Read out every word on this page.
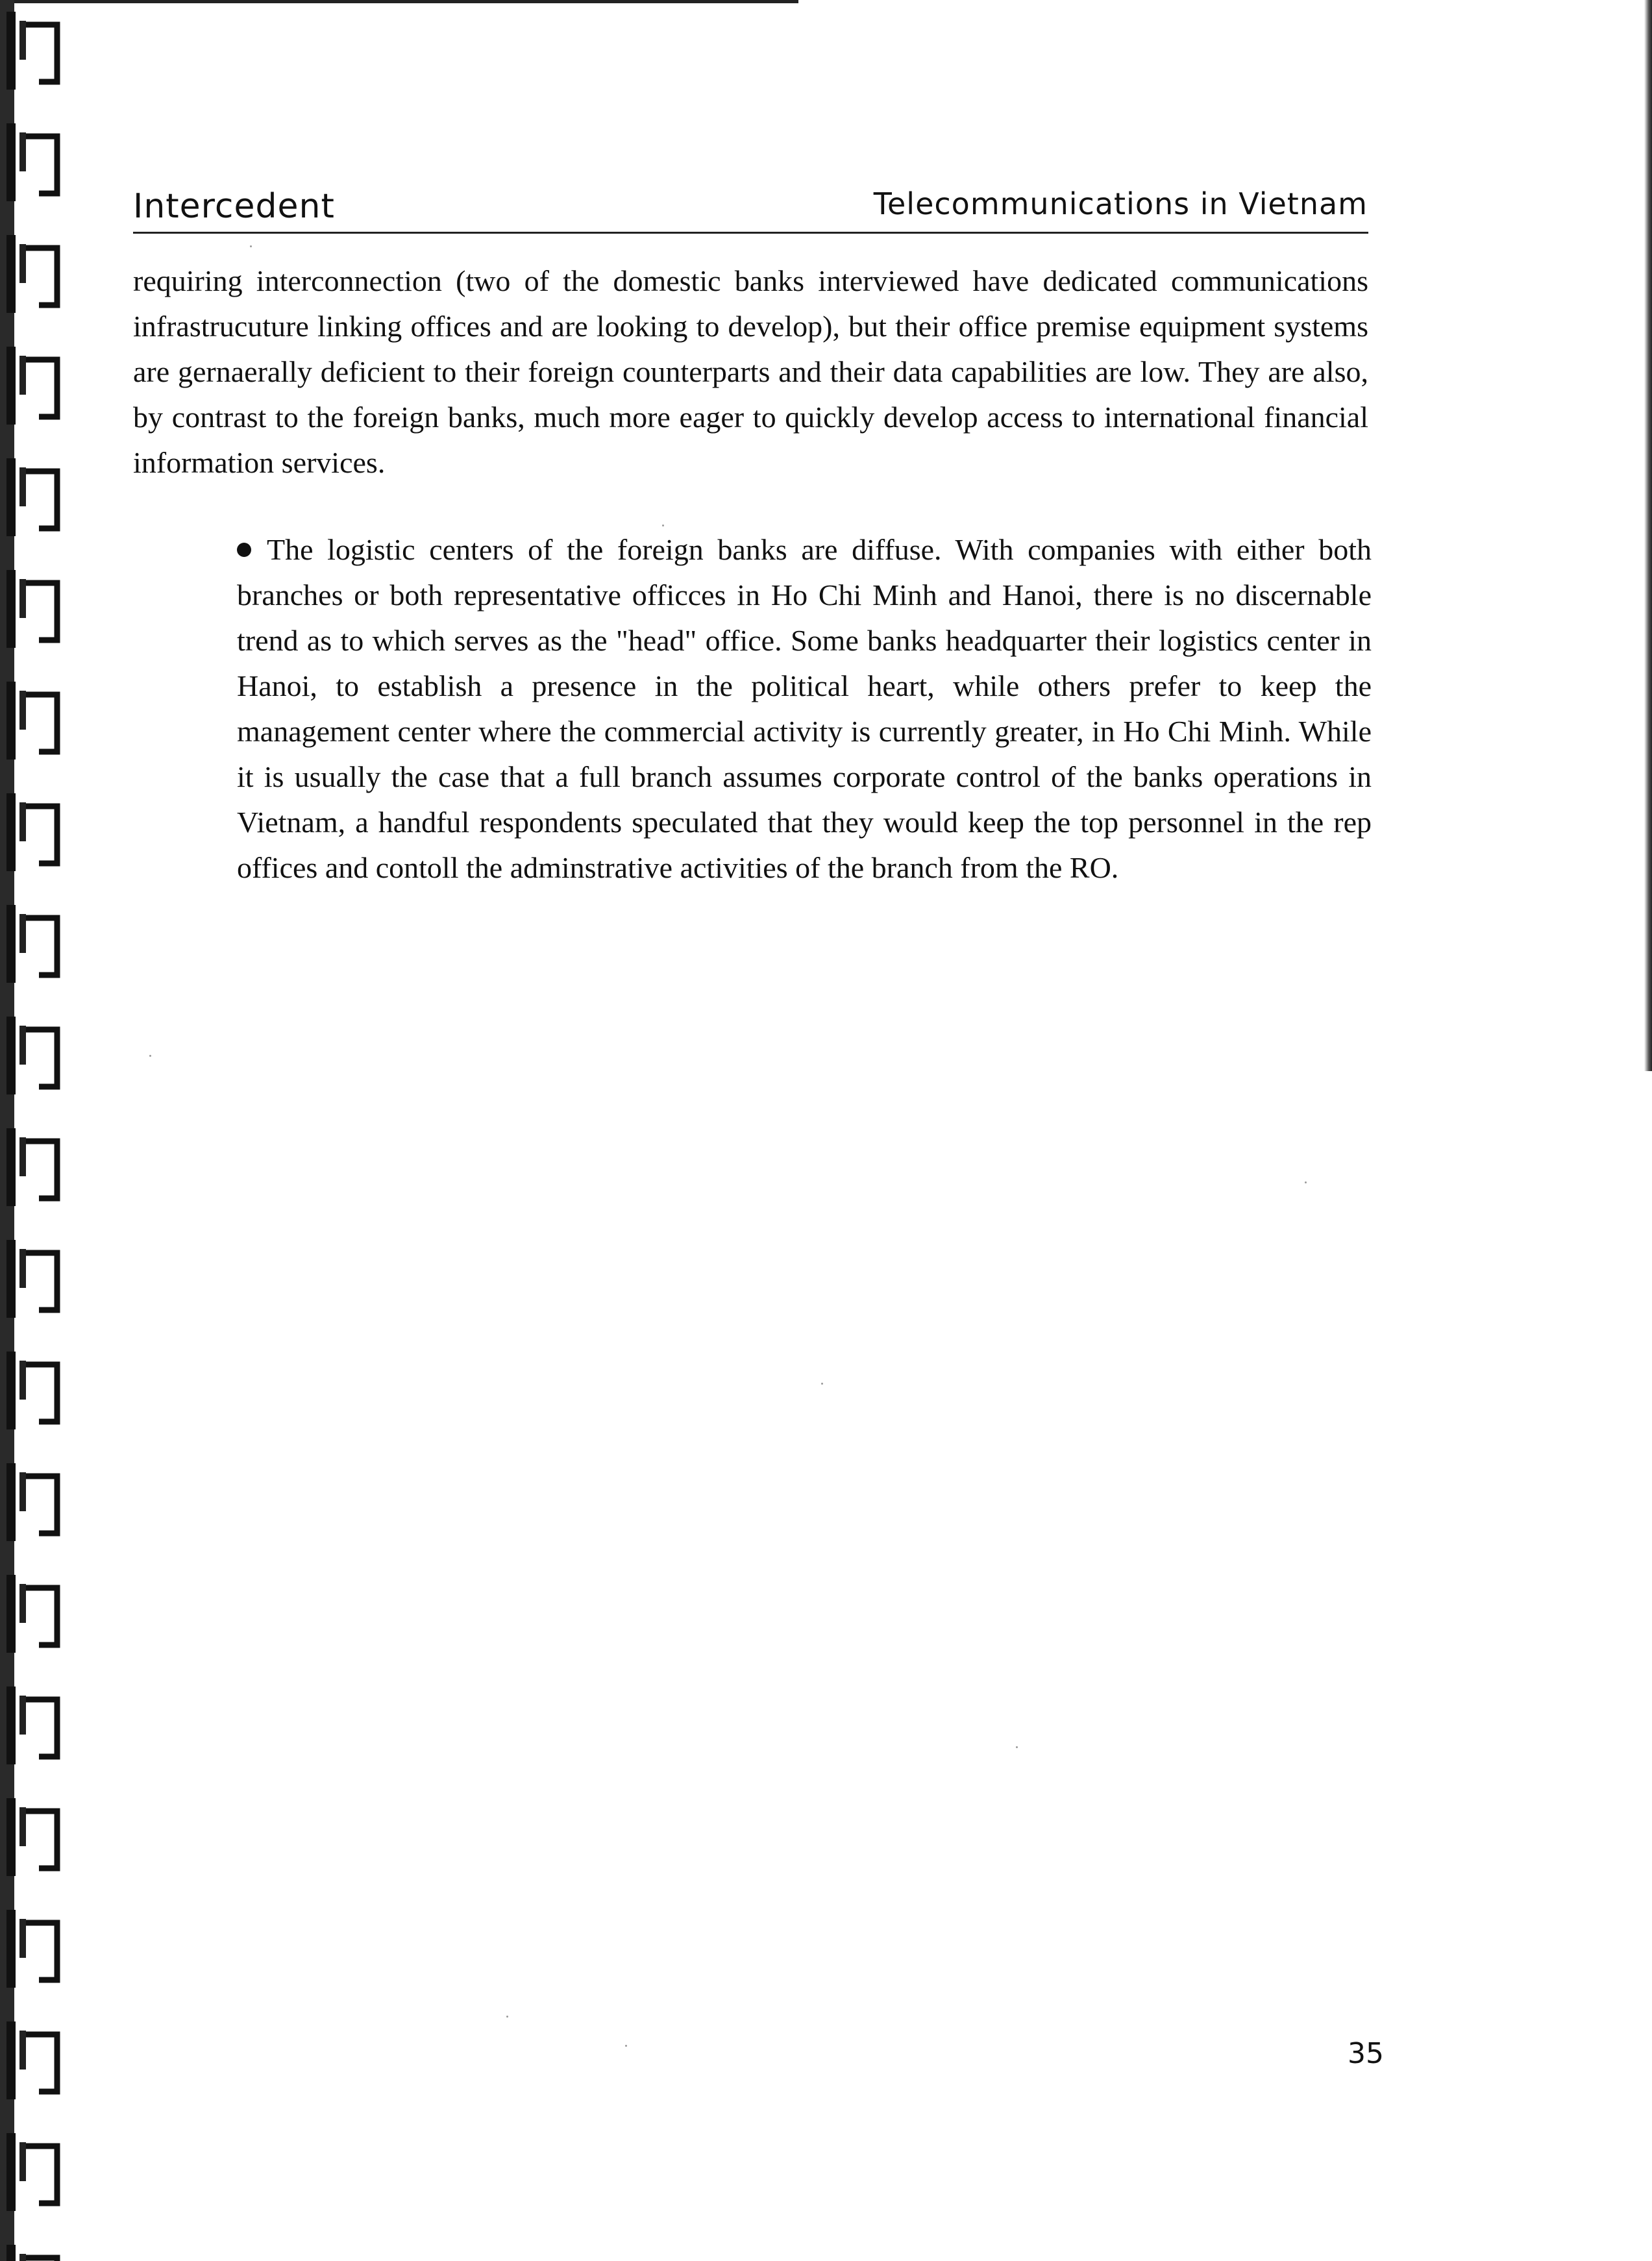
Intercedent	Telecommunications in Vietnam

requiring interconnection (two of the domestic banks interviewed have dedicated communications infrastrucuture linking offices and are looking to develop), but their office premise equipment systems are gernaerally deficient to their foreign counterparts and their data capabilities are low. They are also, by contrast to the foreign banks, much more eager to quickly develop access to international financial information services.

The logistic centers of the foreign banks are diffuse. With companies with either both branches or both representative officces in Ho Chi Minh and Hanoi, there is no discernable trend as to which serves as the "head" office. Some banks headquarter their logistics center in Hanoi, to establish a presence in the political heart, while others prefer to keep the management center where the commercial activity is currently greater, in Ho Chi Minh. While it is usually the case that a full branch assumes corporate control of the banks operations in Vietnam, a handful respondents speculated that they would keep the top personnel in the rep offices and contoll the adminstrative activities of the branch from the RO.

35
